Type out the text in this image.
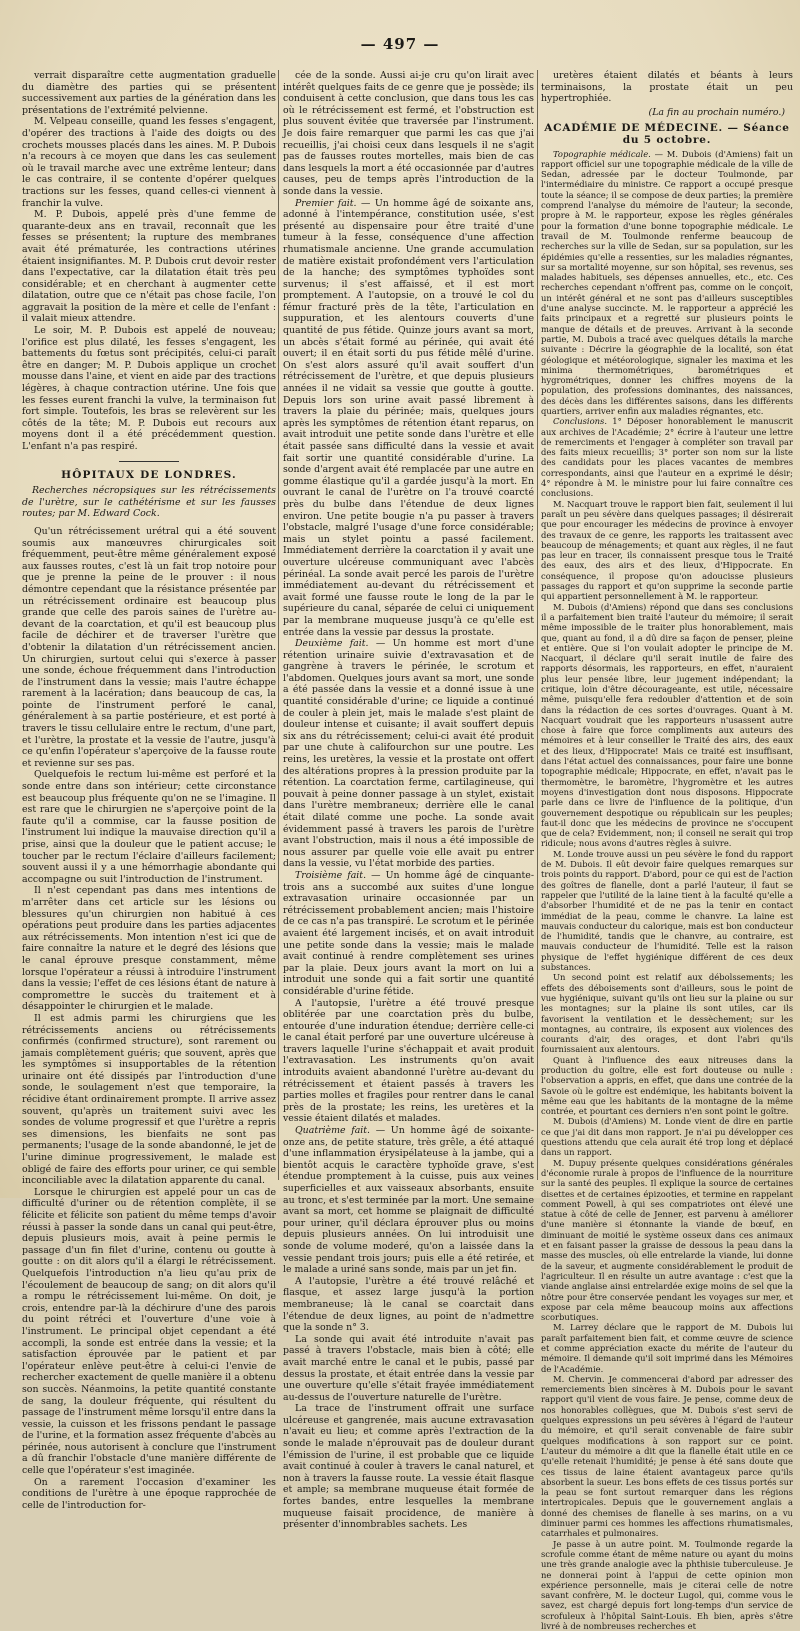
— 497 —

verrait disparaître cette augmentation graduelle du diamètre des parties qui se présentent successivement aux parties de la génération dans les présentations de l'extrémité pelvienne.

M. Velpeau conseille, quand les fesses s'engagent, d'opérer des tractions à l'aide des doigts ou des crochets mousses placés dans les aines. M. P. Dubois n'a recours à ce moyen que dans les cas seulement où le travail marche avec une extrême lenteur; dans le cas contraire, il se contente d'opérer quelques tractions sur les fesses, quand celles-ci viennent à franchir la vulve.

M. P. Dubois, appelé près d'une femme de quarante-deux ans en travail, reconnaît que les fesses se présentent; la rupture des membranes avait été prématurée, les contractions utérines étaient insignifiantes. M. P. Dubois crut devoir rester dans l'expectative, car la dilatation était très peu considérable; et en cherchant à augmenter cette dilatation, outre que ce n'était pas chose facile, l'on aggravait la position de la mère et celle de l'enfant : il valait mieux attendre.

Le soir, M. P. Dubois est appelé de nouveau; l'orifice est plus dilaté, les fesses s'engagent, les battements du fœtus sont précipités, celui-ci paraît être en danger; M. P. Dubois applique un crochet mousse dans l'aine, et vient en aide par des tractions légères, à chaque contraction utérine. Une fois que les fesses eurent franchi la vulve, la terminaison fut fort simple. Toutefois, les bras se relevèrent sur les côtés de la tête; M. P. Dubois eut recours aux moyens dont il a été précédemment question. L'enfant n'a pas respiré.

HÔPITAUX DE LONDRES.

Recherches nécropsiques sur les rétrécissements de l'urètre, sur le cathétérisme et sur les fausses routes; par M. Edward Cock.

Qu'un rétrécissement urétral qui a été souvent soumis aux manœuvres chirurgicales soit fréquemment, peut-être même généralement exposé aux fausses routes, c'est là un fait trop notoire pour que je prenne la peine de le prouver : il nous démontre cependant que la résistance présentée par un rétrécissement ordinaire est beaucoup plus grande que celle des parois saines de l'urètre au-devant de la coarctation, et qu'il est beaucoup plus facile de déchirer et de traverser l'urètre que d'obtenir la dilatation d'un rétrécissement ancien. Un chirurgien, surtout celui qui s'exerce à passer une sonde, échoue fréquemment dans l'introduction de l'instrument dans la vessie; mais l'autre échappe rarement à la lacération; dans beaucoup de cas, la pointe de l'instrument perforé le canal, généralement à sa partie postérieure, et est porté à travers le tissu cellulaire entre le rectum, d'une part, et l'urètre, la prostate et la vessie de l'autre, jusqu'à ce qu'enfin l'opérateur s'aperçoive de la fausse route et revienne sur ses pas.

Quelquefois le rectum lui-même est perforé et la sonde entre dans son intérieur; cette circonstance est beaucoup plus fréquente qu'on ne se l'imagine. Il est rare que le chirurgien ne s'aperçoive point de la faute qu'il a commise, car la fausse position de l'instrument lui indique la mauvaise direction qu'il a prise, ainsi que la douleur que le patient accuse; le toucher par le rectum l'éclaire d'ailleurs facilement; souvent aussi il y a une hémorrhagie abondante qui accompagne ou suit l'introduction de l'instrument.

Il n'est cependant pas dans mes intentions de m'arrêter dans cet article sur les lésions ou blessures qu'un chirurgien non habitué à ces opérations peut produire dans les parties adjacentes aux rétrécissements. Mon intention n'est ici que de faire connaître la nature et le degré des lésions que le canal éprouve presque constamment, même lorsque l'opérateur a réussi à introduire l'instrument dans la vessie; l'effet de ces lésions étant de nature à compromettre le succès du traitement et à désappointer le chirurgien et le malade.

Il est admis parmi les chirurgiens que les rétrécissements anciens ou rétrécissements confirmés (confirmed structure), sont rarement ou jamais complètement guéris; que souvent, après que les symptômes si insupportables de la rétention urinaire ont été dissipés par l'introduction d'une sonde, le soulagement n'est que temporaire, la récidive étant ordinairement prompte. Il arrive assez souvent, qu'après un traitement suivi avec les sondes de volume progressif et que l'urètre a repris ses dimensions, les bienfaits ne sont pas permanents; l'usage de la sonde abandonné, le jet de l'urine diminue progressivement, le malade est obligé de faire des efforts pour uriner, ce qui semble inconciliable avec la dilatation apparente du canal.

Lorsque le chirurgien est appelé pour un cas de difficulté d'uriner ou de rétention complète, il se félicite et félicite son patient du même temps d'avoir réussi à passer la sonde dans un canal qui peut-être, depuis plusieurs mois, avait à peine permis le passage d'un fin filet d'urine, contenu ou goutte à goutte : on dit alors qu'il a élargi le rétrécissement. Quelquefois l'introduction n'a lieu qu'au prix de l'écoulement de beaucoup de sang; on dit alors qu'il a rompu le rétrécissement lui-même. On doit, je crois, entendre par-là la déchirure d'une des parois du point rétréci et l'ouverture d'une voie à l'instrument. Le principal objet cependant a été accompli, la sonde est entrée dans la vessie; et la satisfaction éprouvée par le patient et par l'opérateur enlève peut-être à celui-ci l'envie de rechercher exactement de quelle manière il a obtenu son succès. Néanmoins, la petite quantité constante de sang, la douleur fréquente, qui résultent du passage de l'instrument même lorsqu'il entre dans la vessie, la cuisson et les frissons pendant le passage de l'urine, et la formation assez fréquente d'abcès au périnée, nous autorisent à conclure que l'instrument a dû franchir l'obstacle d'une manière différente de celle que l'opérateur s'est imaginée.

On a rarement l'occasion d'examiner les conditions de l'urètre à une époque rapprochée de celle de l'introduction for-

cée de la sonde. Aussi ai-je cru qu'on lirait avec intérêt quelques faits de ce genre que je possède; ils conduisent à cette conclusion, que dans tous les cas où le rétrécissement est fermé, et l'obstruction est plus souvent évitée que traversée par l'instrument. Je dois faire remarquer que parmi les cas que j'ai recueillis, j'ai choisi ceux dans lesquels il ne s'agit pas de fausses routes mortelles, mais bien de cas dans lesquels la mort a été occasionnée par d'autres causes, peu de temps après l'introduction de la sonde dans la vessie.

Premier fait. — Un homme âgé de soixante ans, adonné à l'intempérance, constitution usée, s'est présenté au dispensaire pour être traité d'une tumeur à la fesse, conséquence d'une affection rhumatismale ancienne. Une grande accumulation de matière existait profondément vers l'articulation de la hanche; des symptômes typhoïdes sont survenus; il s'est affaissé, et il est mort promptement. A l'autopsie, on a trouvé le col du fémur fracturé près de la tête, l'articulation en suppuration, et les alentours couverts d'une quantité de pus fétide. Quinze jours avant sa mort, un abcès s'était formé au périnée, qui avait été ouvert; il en était sorti du pus fétide mêlé d'urine. On s'est alors assuré qu'il avait souffert d'un rétrécissement de l'urètre, et que depuis plusieurs années il ne vidait sa vessie que goutte à goutte. Depuis lors son urine avait passé librement à travers la plaie du périnée; mais, quelques jours après les symptômes de rétention étant reparus, on avait introduit une petite sonde dans l'urètre et elle était passée sans difficulté dans la vessie et avait fait sortir une quantité considérable d'urine. La sonde d'argent avait été remplacée par une autre en gomme élastique qu'il a gardée jusqu'à la mort. En ouvrant le canal de l'urètre on l'a trouvé coarcté près du bulbe dans l'étendue de deux lignes environ. Une petite bougie n'a pu passer à travers l'obstacle, malgré l'usage d'une force considérable; mais un stylet pointu a passé facilement. Immédiatement derrière la coarctation il y avait une ouverture ulcéreuse communiquant avec l'abcès périnéal. La sonde avait percé les parois de l'urètre immédiatement au-devant du rétrécissement et avait formé une fausse route le long de la par le supérieure du canal, séparée de celui ci uniquement par la membrane muqueuse jusqu'à ce qu'elle est entrée dans la vessie par dessus la prostate.

Deuxième fait. — Un homme est mort d'une rétention urinaire suivie d'extravasation et de gangrène à travers le périnée, le scrotum et l'abdomen. Quelques jours avant sa mort, une sonde a été passée dans la vessie et a donné issue à une quantité considérable d'urine; ce liquide a continué de couler à plein jet, mais le malade s'est plaint de douleur intense et cuisante; il avait souffert depuis six ans du rétrécissement; celui-ci avait été produit par une chute à califourchon sur une poutre. Les reins, les uretères, la vessie et la prostate ont offert des altérations propres à la pression produite par la rétention. La coarctation ferme, cartilagineuse, qui pouvait à peine donner passage à un stylet, existait dans l'urètre membraneux; derrière elle le canal était dilaté comme une poche. La sonde avait évidemment passé à travers les parois de l'urètre avant l'obstruction, mais il nous a été impossible de nous assurer par quelle voie elle avait pu entrer dans la vessie, vu l'état morbide des parties.

Troisième fait. — Un homme âgé de cinquante-trois ans a succombé aux suites d'une longue extravasation urinaire occasionnée par un rétrécissement probablement ancien; mais l'histoire de ce cas n'a pas transpiré. Le scrotum et le périnée avaient été largement incisés, et on avait introduit une petite sonde dans la vessie; mais le malade avait continué à rendre complètement ses urines par la plaie. Deux jours avant la mort on lui a introduit une sonde qui a fait sortir une quantité considérable d'urine fétide.

A l'autopsie, l'urètre a été trouvé presque oblitérée par une coarctation près du bulbe, entourée d'une induration étendue; derrière celle-ci le canal était perforé par une ouverture ulcéreuse à travers laquelle l'urine s'échappait et avait produit l'extravasation. Les instruments qu'on avait introduits avaient abandonné l'urètre au-devant du rétrécissement et étaient passés à travers les parties molles et fragiles pour rentrer dans le canal près de la prostate; les reins, les uretères et la vessie étaient dilatés et malades.

Quatrième fait. — Un homme âgé de soixante-onze ans, de petite stature, très grêle, a été attaqué d'une inflammation érysipélateuse à la jambe, qui a bientôt acquis le caractère typhoïde grave, s'est étendue promptement à la cuisse, puis aux veines superficielles et aux vaisseaux absorbants, ensuite au tronc, et s'est terminée par la mort. Une semaine avant sa mort, cet homme se plaignait de difficulté pour uriner, qu'il déclara éprouver plus ou moins depuis plusieurs années. On lui introduisit une sonde de volume moderé, qu'on a laissée dans la vessie pendant trois jours; puis elle a été retirée, et le malade a uriné sans sonde, mais par un jet fin.

A l'autopsie, l'urètre a été trouvé relâché et flasque, et assez large jusqu'à la portion membraneuse; là le canal se coarctait dans l'étendue de deux lignes, au point de n'admettre que la sonde n° 3.

La sonde qui avait été introduite n'avait pas passé à travers l'obstacle, mais bien à côté; elle avait marché entre le canal et le pubis, passé par dessus la prostate, et était entrée dans la vessie par une ouverture qu'elle s'était frayée immédiatement au-dessus de l'ouverture naturelle de l'urètre.

La trace de l'instrument offrait une surface ulcéreuse et gangrenée, mais aucune extravasation n'avait eu lieu; et comme après l'extraction de la sonde le malade n'éprouvait pas de douleur durant l'émission de l'urine, il est probable que ce liquide avait continué à couler à travers le canal naturel, et non à travers la fausse route. La vessie était flasque et ample; sa membrane muqueuse était formée de fortes bandes, entre lesquelles la membrane muqueuse faisait procidence, de manière à présenter d'innombrables sachets. Les

uretères étaient dilatés et béants à leurs terminaisons, la prostate était un peu hypertrophiée.

(La fin au prochain numéro.)

ACADÉMIE DE MÉDECINE. — Séance du 5 octobre.

Topographie médicale. — M. Dubois (d'Amiens) fait un rapport officiel sur une topographie médicale de la ville de Sedan, adressée par le docteur Toulmonde, par l'intermédiaire du ministre. Ce rapport a occupé presque toute la séance; il se compose de deux parties; la première comprend l'analyse du mémoire de l'auteur; la seconde, propre à M. le rapporteur, expose les règles générales pour la formation d'une bonne topographie médicale. Le travail de M. Toulmonde renferme beaucoup de recherches sur la ville de Sedan, sur sa population, sur les épidémies qu'elle a ressenties, sur les maladies régnantes, sur sa mortalité moyenne, sur son hôpital, ses revenus, ses malades habituels, ses dépenses annuelles, etc., etc. Ces recherches cependant n'offrent pas, comme on le conçoit, un intérêt général et ne sont pas d'ailleurs susceptibles d'une analyse succincte. M. le rapporteur a apprécié les faits principaux et a regretté sur plusieurs points le manque de détails et de preuves. Arrivant à la seconde partie, M. Dubois a tracé avec quelques détails la marche suivante : Décrire la géographie de la localité, son état géologique et météorologique, signaler les maxima et les minima thermométriques, barométriques et hygrométriques, donner les chiffres moyens de la population, des professions dominantes, des naissances, des décès dans les différentes saisons, dans les différents quartiers, arriver enfin aux maladies régnantes, etc.

Conclusions. 1° Déposer honorablement le manuscrit aux archives de l'Académie; 2° écrire à l'auteur une lettre de remerciments et l'engager à compléter son travail par des faits mieux recueillis; 3° porter son nom sur la liste des candidats pour les places vacantes de membres correspondants, ainsi que l'auteur en a exprimé le désir; 4° répondre à M. le ministre pour lui faire connaître ces conclusions.

M. Nacquart trouve le rapport bien fait, seulement il lui paraît un peu sévère dans quelques passages; il désirerait que pour encourager les médecins de province à envoyer des travaux de ce genre, les rapports les traitassent avec beaucoup de ménagements; et quant aux règles, il ne faut pas leur en tracer, ils connaissent presque tous le Traité des eaux, des airs et des lieux, d'Hippocrate. En conséquence, il propose qu'on adoucisse plusieurs passages du rapport et qu'on supprime la seconde partie qui appartient personnellement à M. le rapporteur.

M. Dubois (d'Amiens) répond que dans ses conclusions il a parfaitement bien traité l'auteur du mémoire; il serait même impossible de le traiter plus honorablement, mais que, quant au fond, il a dû dire sa façon de penser, pleine et entière. Que si l'on voulait adopter le principe de M. Nacquart, il déclare qu'il serait inutile de faire des rapports désormais, les rapporteurs, en effet, n'auraient plus leur pensée libre, leur jugement indépendant; la critique, loin d'être décourageante, est utile, nécessaire même, puisqu'elle fera redoubler d'attention et de soin dans la rédaction de ces sortes d'ouvrages. Quant à M. Nacquart voudrait que les rapporteurs n'usassent autre chose à faire que force compliments aux auteurs des mémoires et à leur conseiller le Traité des airs, des eaux et des lieux, d'Hippocrate! Mais ce traité est insuffisant, dans l'état actuel des connaissances, pour faire une bonne topographie médicale; Hippocrate, en effet, n'avait pas le thermomètre, le baromètre, l'hygromètre et les autres moyens d'investigation dont nous disposons. Hippocrate parle dans ce livre de l'influence de la politique, d'un gouvernement despotique ou républicain sur les peuples; faut-il donc que les médecins de province ne s'occupent que de cela? Evidemment, non; il conseil ne serait qui trop ridicule; nous avons d'autres règles à suivre.

M. Londe trouve aussi un peu sévère le fond du rapport de M. Dubois. Il eût devoir faire quelques remarques sur trois points du rapport. D'abord, pour ce qui est de l'action des goîtres de flanelle, dont a parlé l'auteur, il faut se rappeler que l'utilité de la laine tient à la faculté qu'elle a d'absorber l'humidité et de ne pas la tenir en contact immédiat de la peau, comme le chanvre. La laine est mauvais conducteur du calorique, mais est bon conducteur de l'humidité, tandis que le chanvre, au contraire, est mauvais conducteur de l'humidité. Telle est la raison physique de l'effet hygiénique différent de ces deux substances.

Un second point est relatif aux débolssements; les effets des déboisements sont d'ailleurs, sous le point de vue hygiénique, suivant qu'ils ont lieu sur la plaine ou sur les montagnes; sur la plaine ils sont utiles, car ils favorisent la ventilation et le dessèchement; sur les montagnes, au contraire, ils exposent aux violences des courants d'air, des orages, et dont l'abri qu'ils fournissaient aux alentours.

Quant à l'influence des eaux nitreuses dans la production du goître, elle est fort douteuse ou nulle : l'observation a appris, en effet, que dans une contrée de la Savoie où le goître est endémique, les habitants boivent la même eau que les habitants de la montagne de la même contrée, et pourtant ces derniers n'en sont point le goître.

M. Dubois (d'Amiens) M. Londe vient de dire en partie ce que j'ai dit dans mon rapport. Je n'ai pu développer ces questions attendu que cela aurait été trop long et déplacé dans un rapport.

M. Dupuy présente quelques considérations générales d'économie rurale à propos de l'influence de la nourriture sur la santé des peuples. Il explique la source de certaines disettes et de certaines épizooties, et termine en rappelant comment Powell, à qui ses compatriotes ont élevé une statue à côté de celle de Jenner, est parvenu à améliorer d'une manière si étonnante la viande de bœuf, en diminuant de moitié le système osseux dans ces animaux et en faisant passer la graisse de dessous la peau dans la masse des muscles, où elle entrelarde la viande, lui donne de la saveur, et augmente considérablement le produit de l'agriculteur. Il en résulte un autre avantage : c'est que la viande anglaise ainsi entrelardée exige moins de sel que la nôtre pour être conservée pendant les voyages sur mer, et expose par cela même beaucoup moins aux affections scorbutiques.

M. Larrey déclare que le rapport de M. Dubois lui paraît parfaitement bien fait, et comme œuvre de science et comme appréciation exacte du mérite de l'auteur du mémoire. Il demande qu'il soit imprimé dans les Mémoires de l'Académie.

M. Chervin. Je commencerai d'abord par adresser des remerciements bien sincères à M. Dubois pour le savant rapport qu'il vient de vous faire. Je pense, comme deux de nos honorables collègues, que M. Dubois s'est servi de quelques expressions un peu sévères à l'égard de l'auteur du mémoire, et qu'il serait convenable de faire subir quelques modifications à son rapport sur ce point. L'auteur du mémoire a dit que la flanelle était utile en ce qu'elle retenait l'humidité; je pense à été sans doute que ces tissus de laine étaient avantageux parce qu'ils absorbent la sueur. Les bons effets de ces tissus portés sur la peau se font surtout remarquer dans les régions intertropicales. Depuis que le gouvernement anglais a donné des chemises de flanelle à ses marins, on a vu diminuer parmi ces hommes les affections rhumatismales, catarrhales et pulmonaires.

Je passe à un autre point. M. Toulmonde regarde la scrofule comme étant de même nature ou ayant du moins une très grande analogie avec la phthisie tuberculeuse. Je ne donnerai point à l'appui de cette opinion mon expérience personnelle, mais je citerai celle de notre savant confrère, M. le docteur Lugol, qui, comme vous le savez, est chargé depuis fort long-temps d'un service de scrofuleux à l'hôpital Saint-Louis. Eh bien, après s'être livré à de nombreuses recherches et
